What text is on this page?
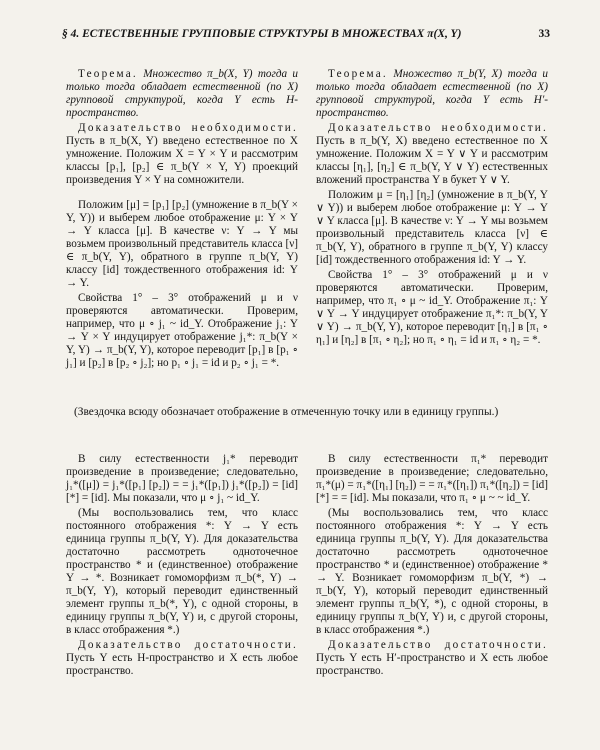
§ 4. ЕСТЕСТВЕННЫЕ ГРУППОВЫЕ СТРУКТУРЫ В МНОЖЕСТВАХ π(X, Y)	33

Теорема. Множество π_b(X, Y) тогда и только тогда обладает естественной (по X) групповой структурой, когда Y есть H-пространство.

Доказательство необходимости. Пусть в π_b(X, Y) введено естественное по X умножение. Положим X = Y × Y и рассмотрим классы [p₁], [p₂] ∈ π_b(Y × Y, Y) проекций произведения Y × Y на сомножители.

Положим [μ] = [p₁] [p₂] (умножение в π_b(Y × Y, Y)) и выберем любое отображение μ: Y × Y → Y класса [μ]. В качестве ν: Y → Y мы возьмем произвольный представитель класса [ν] ∈ π_b(Y, Y), обратного в группе π_b(Y, Y) классу [id] тождественного отображения id: Y → Y.

Свойства 1° – 3° отображений μ и ν проверяются автоматически. Проверим, например, что μ ∘ j₁ ~ id_Y. Отображение j₁: Y → Y × Y индуцирует отображение j₁*: π_b(Y × Y, Y) → π_b(Y, Y), которое переводит [p₁] в [p₁ ∘ j₁] и [p₂] в [p₂ ∘ j₂]; но p₁ ∘ j₁ = id и p₂ ∘ j₁ = *.

Теорема. Множество π_b(Y, X) тогда и только тогда обладает естественной (по X) групповой структурой, когда Y есть H′-пространство.

Доказательство необходимости. Пусть в π_b(Y, X) введено естественное по X умножение. Положим X = Y ∨ Y и рассмотрим классы [η₁], [η₂] ∈ π_b(Y, Y ∨ Y) естественных вложений пространства Y в букет Y ∨ Y.

Положим μ = [η₁] [η₂] (умножение в π_b(Y, Y ∨ Y)) и выберем любое отображение μ: Y → Y ∨ Y класса [μ]. В качестве ν: Y → Y мы возьмем произвольный представитель класса [ν] ∈ π_b(Y, Y), обратного в группе π_b(Y, Y) классу [id] тождественного отображения id: Y → Y.

Свойства 1° – 3° отображений μ и ν проверяются автоматически. Проверим, например, что π₁ ∘ μ ~ id_Y. Отображение π₁: Y ∨ Y → Y индуцирует отображение π₁*: π_b(Y, Y ∨ Y) → π_b(Y, Y), которое переводит [η₁] в [π₁ ∘ η₁] и [η₂] в [π₁ ∘ η₂]; но π₁ ∘ η₁ = id и π₁ ∘ η₂ = *.

(Звездочка всюду обозначает отображение в отмеченную точку или в единицу группы.)

В силу естественности j₁* переводит произведение в произведение; следовательно, j₁*([μ]) = j₁*([p₁] [p₂]) = = j₁*([p₁]) j₁*([p₂]) = [id] [*] = [id]. Мы показали, что μ ∘ j₁ ~ id_Y.

(Мы воспользовались тем, что класс постоянного отображения *: Y → Y есть единица группы π_b(Y, Y). Для доказательства достаточно рассмотреть одноточечное пространство * и (единственное) отображение Y → *. Возникает гомоморфизм π_b(*, Y) → π_b(Y, Y), который переводит единственный элемент группы π_b(*, Y), с одной стороны, в единицу группы π_b(Y, Y) и, с другой стороны, в класс отображения *.)

Доказательство достаточности. Пусть Y есть H-пространство и X есть любое пространство.

В силу естественности π₁* переводит произведение в произведение; следовательно, π₁*(μ) = π₁*([η₁] [η₂]) = = π₁*([η₁]) π₁*([η₂]) = [id] [*] = = [id]. Мы показали, что π₁ ∘ μ ~ ~ id_Y.

(Мы воспользовались тем, что класс постоянного отображения *: Y → Y есть единица группы π_b(Y, Y). Для доказательства достаточно рассмотреть одноточечное пространство * и (единственное) отображение * → Y. Возникает гомоморфизм π_b(Y, *) → π_b(Y, Y), который переводит единственный элемент группы π_b(Y, *), с одной стороны, в единицу группы π_b(Y, Y) и, с другой стороны, в класс отображения *.)

Доказательство достаточности. Пусть Y есть H′-пространство и X есть любое пространство.
